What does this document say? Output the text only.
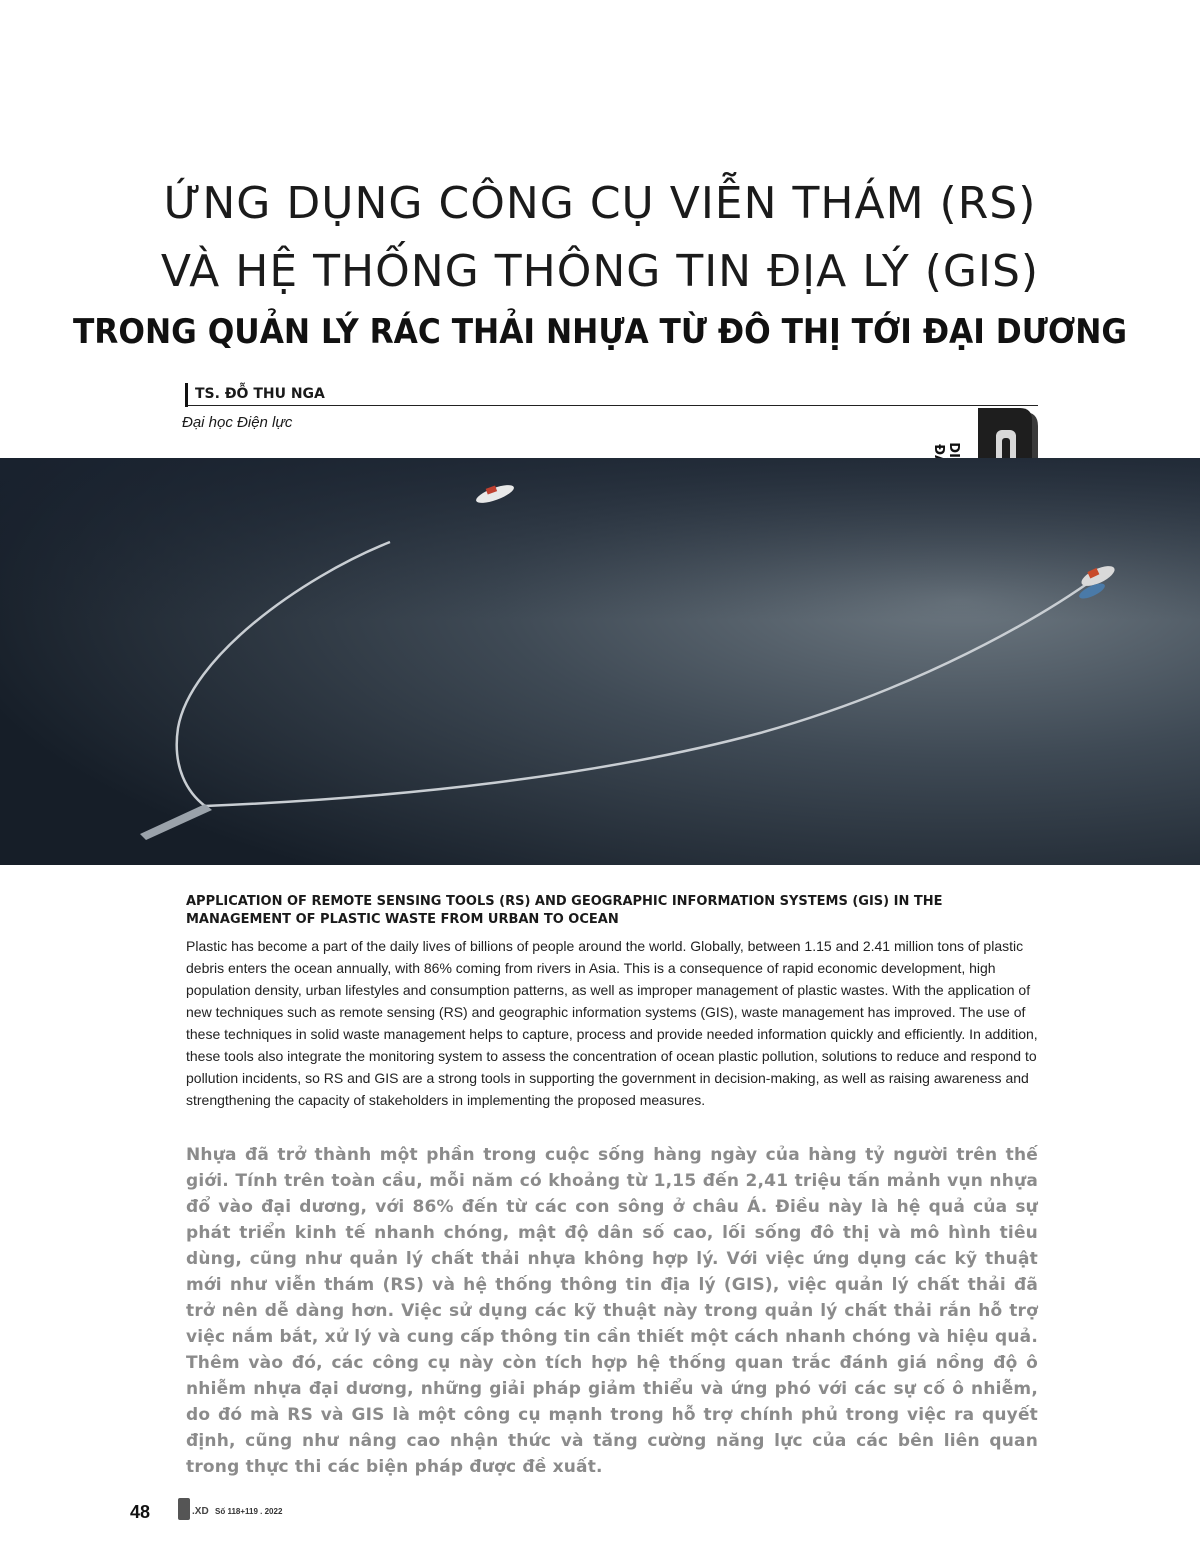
ỨNG DỤNG CÔNG CỤ VIỄN THÁM (RS)
VÀ HỆ THỐNG THÔNG TIN ĐỊA LÝ (GIS)
TRONG QUẢN LÝ RÁC THẢI NHỰA TỪ ĐÔ THỊ TỚI ĐẠI DƯƠNG
TS. ĐỖ THU NGA
Đại học Điện lực
APPLICATION OF REMOTE SENSING TOOLS (RS) AND GEOGRAPHIC INFORMATION SYSTEMS (GIS) IN THE MANAGEMENT OF PLASTIC WASTE FROM URBAN TO OCEAN
Plastic has become a part of the daily lives of billions of people around the world. Globally, between 1.15 and 2.41 million tons of plastic debris enters the ocean annually, with 86% coming from rivers in Asia. This is a consequence of rapid economic development, high population density, urban lifestyles and consumption patterns, as well as improper management of plastic wastes. With the application of new techniques such as remote sensing (RS) and geographic information systems (GIS), waste management has improved. The use of these techniques in solid waste management helps to capture, process and provide needed information quickly and efficiently. In addition, these tools also integrate the monitoring system to assess the concentration of ocean plastic pollution, solutions to reduce and respond to pollution incidents, so RS and GIS are a strong tools in supporting the government in decision-making, as well as raising awareness and strengthening the capacity of stakeholders in implementing the proposed measures.
Nhựa đã trở thành một phần trong cuộc sống hàng ngày của hàng tỷ người trên thế giới. Tính trên toàn cầu, mỗi năm có khoảng từ 1,15 đến 2,41 triệu tấn mảnh vụn nhựa đổ vào đại dương, với 86% đến từ các con sông ở châu Á. Điều này là hệ quả của sự phát triển kinh tế nhanh chóng, mật độ dân số cao, lối sống đô thị và mô hình tiêu dùng, cũng như quản lý chất thải nhựa không hợp lý. Với việc ứng dụng các kỹ thuật mới như viễn thám (RS) và hệ thống thông tin địa lý (GIS), việc quản lý chất thải đã trở nên dễ dàng hơn. Việc sử dụng các kỹ thuật này trong quản lý chất thải rắn hỗ trợ việc nắm bắt, xử lý và cung cấp thông tin cần thiết một cách nhanh chóng và hiệu quả. Thêm vào đó, các công cụ này còn tích hợp hệ thống quan trắc đánh giá nồng độ ô nhiễm nhựa đại dương, những giải pháp giảm thiểu và ứng phó với các sự cố ô nhiễm, do đó mà RS và GIS là một công cụ mạnh trong hỗ trợ chính phủ trong việc ra quyết định, cũng như nâng cao nhận thức và tăng cường năng lực của các bên liên quan trong thực thi các biện pháp được đề xuất.
48	.XD Số 118+119 . 2022
